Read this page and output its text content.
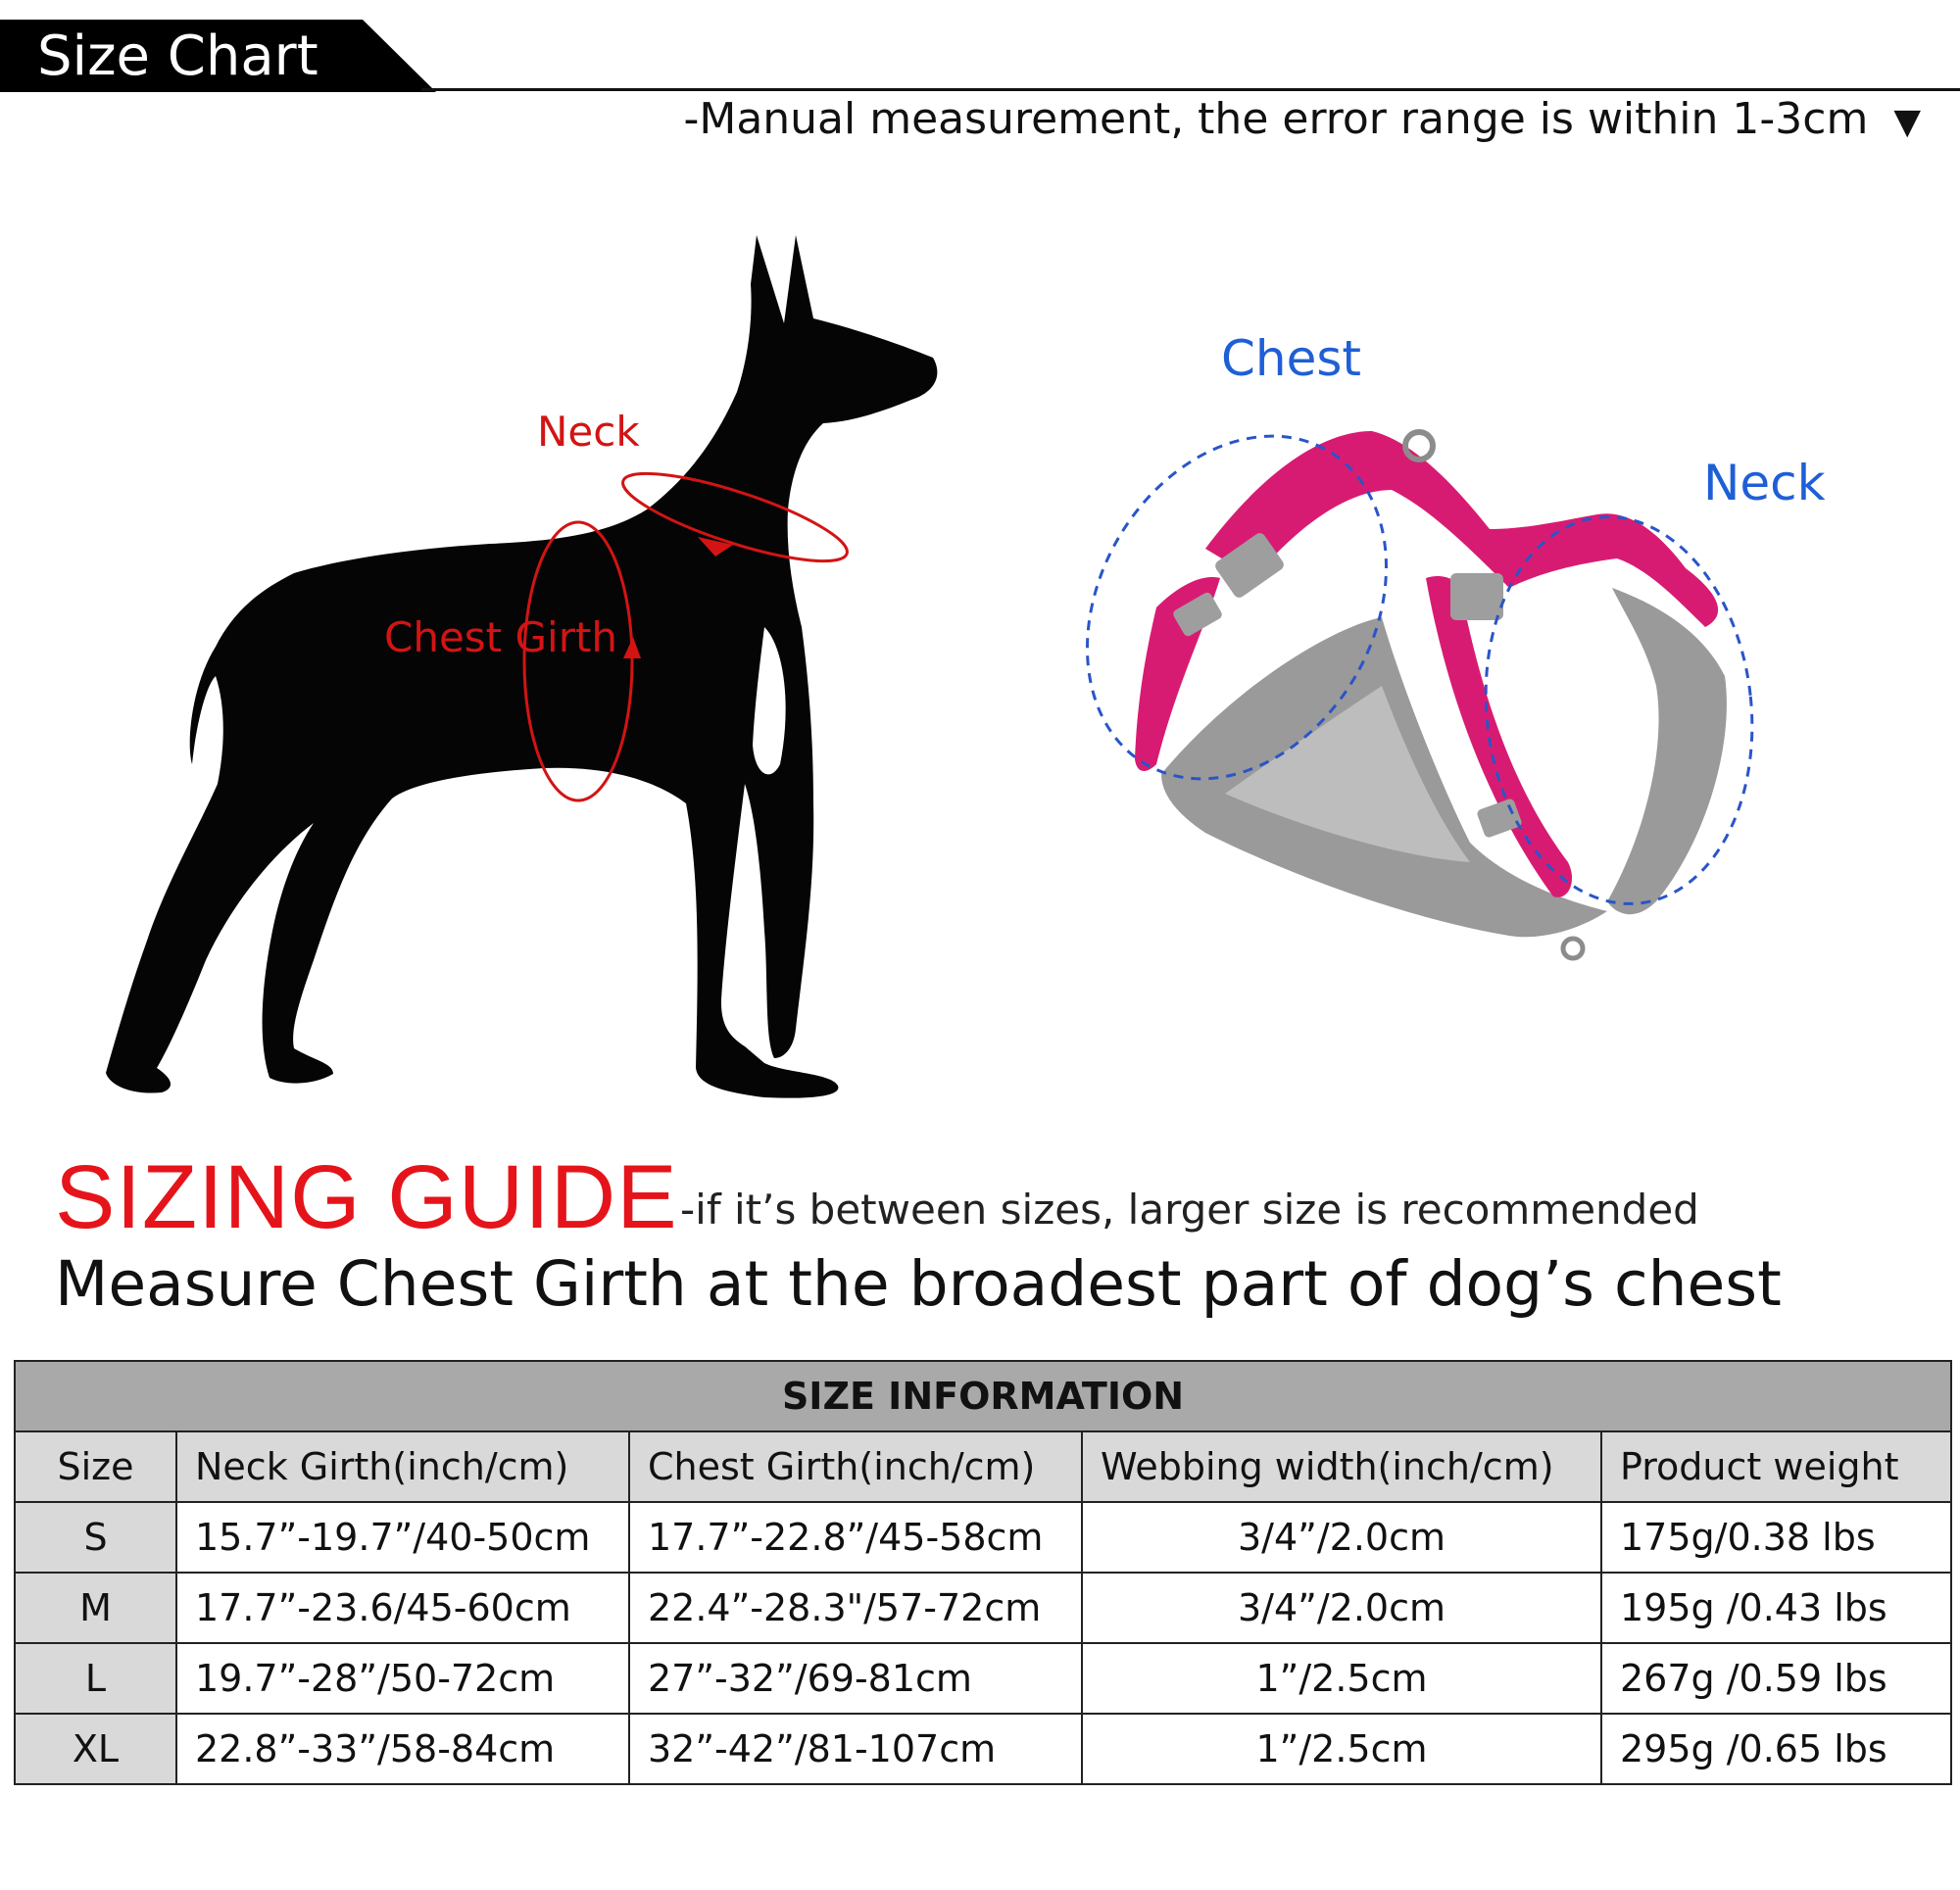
Size Chart
-Manual measurement, the error range is within 1-3cm ▼
Neck
Chest Girth
Chest
Neck
SIZING GUIDE -if it’s between sizes, larger size is recommended
Measure Chest Girth at the broadest part of dog’s chest
SIZE INFORMATION				
Size	Neck Girth(inch/cm)	Chest Girth(inch/cm)	Webbing width(inch/cm)	Product weight
S	15.7”-19.7”/40-50cm	17.7”-22.8”/45-58cm	3/4”/2.0cm	175g/0.38 lbs
M	17.7”-23.6/45-60cm	22.4”-28.3"/57-72cm	3/4”/2.0cm	195g /0.43 lbs
L	19.7”-28”/50-72cm	27”-32”/69-81cm	1”/2.5cm	267g /0.59 lbs
XL	22.8”-33”/58-84cm	32”-42”/81-107cm	1”/2.5cm	295g /0.65 lbs
